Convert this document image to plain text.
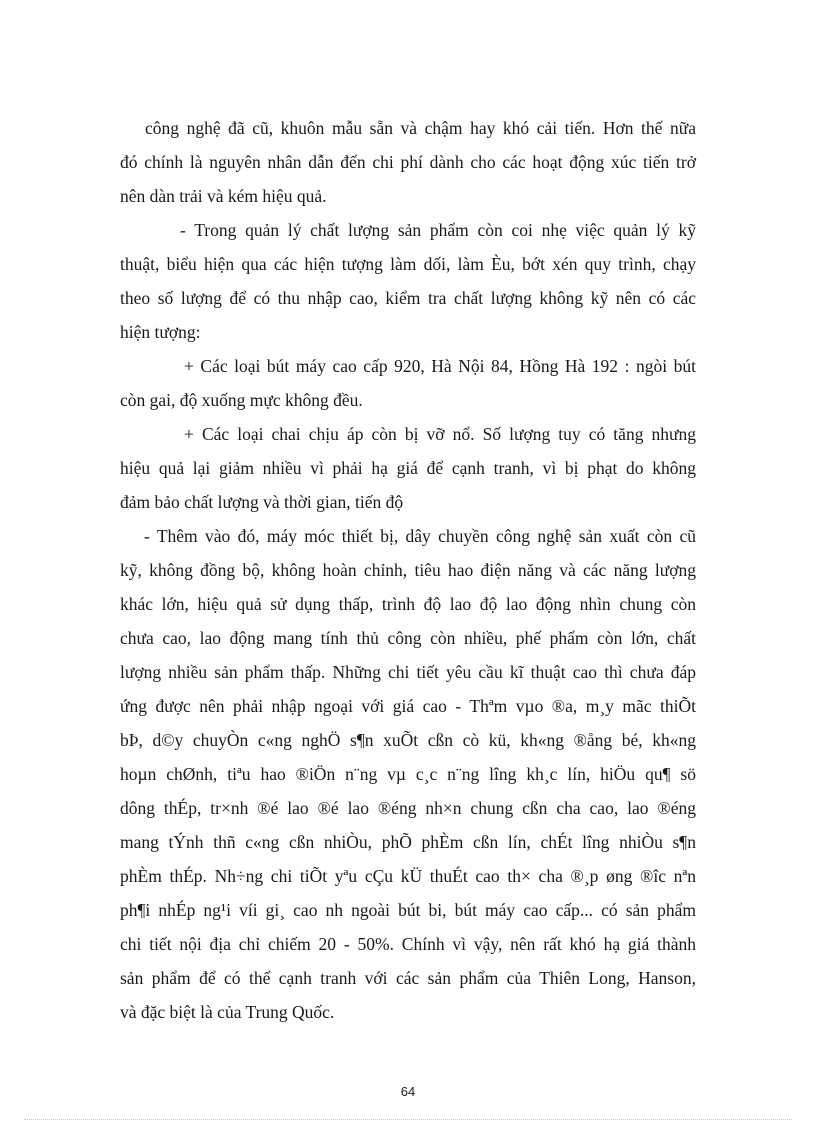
công nghệ đã cũ, khuôn mẫu sẵn và chậm hay khó cải tiến. Hơn thế nữa
đó chính là nguyên nhân dẫn đến chi phí dành cho các hoạt động xúc tiến trở
nên dàn trải và kém hiệu quả.
- Trong quản lý chất lượng sản phẩm còn coi nhẹ việc quản lý kỹ
thuật, biểu hiện qua các hiện tượng làm dối, làm Èu, bớt xén quy trình, chạy
theo số lượng để có thu nhập cao, kiểm tra chất lượng không kỹ nên có các
hiện tượng:
+ Các loại bút máy cao cấp 920, Hà Nội 84, Hồng Hà 192 : ngòi bút
còn gai, độ xuống mực không đều.
+ Các loại chai chịu áp còn bị vỡ nổ. Số lượng tuy có tăng nhưng
hiệu quả lại giảm nhiều vì phải hạ giá để cạnh tranh, vì bị phạt do không
đảm bảo chất lượng và thời gian, tiến độ
- Thêm vào đó, máy móc thiết bị, dây chuyền công nghệ sản xuất còn cũ
kỹ, không đồng bộ, không hoàn chỉnh, tiêu hao điện năng và các năng lượng
khác lớn, hiệu quả sử dụng thấp, trình độ lao độ lao động nhìn chung còn
chưa cao, lao động mang tính thủ công còn nhiều, phế phẩm còn lớn, chất
lượng nhiều sản phẩm thấp. Những chi tiết yêu cầu kĩ thuật cao thì chưa đáp
ứng được nên phải nhập ngoại với giá cao - Thªm vµo ®a, m¸y mãc thiÕt
bÞ, d©y chuyÒn c«ng nghÖ s¶n xuÕt cßn cò kü, kh«ng ®ång bé, kh«ng
hoµn chØnh, tiªu hao ®iÖn n¨ng vµ c¸c n¨ng lîng kh¸c lín, hiÖu qu¶ sö
dông thÉp, tr×nh ®é lao ®é lao ®éng nh×n chung cßn cha cao, lao ®éng
mang tÝnh thñ c«ng cßn nhiÒu, phÕ phÈm cßn lín, chÉt lîng nhiÒu s¶n
phÈm thÉp. Nh÷ng chi tiÕt yªu cÇu kÜ thuÉt cao th× cha ®¸p øng ®îc nªn
ph¶i nhÉp ng¹i víi gi¸ cao nh ngoài bút bi, bút máy cao cấp... có sản phẩm
chi tiết nội địa chỉ chiếm 20 - 50%. Chính vì vậy, nên rất khó hạ giá thành
sản phẩm để có thể cạnh tranh với các sản phẩm của Thiên Long, Hanson,
và đặc biệt là của Trung Quốc.
64
